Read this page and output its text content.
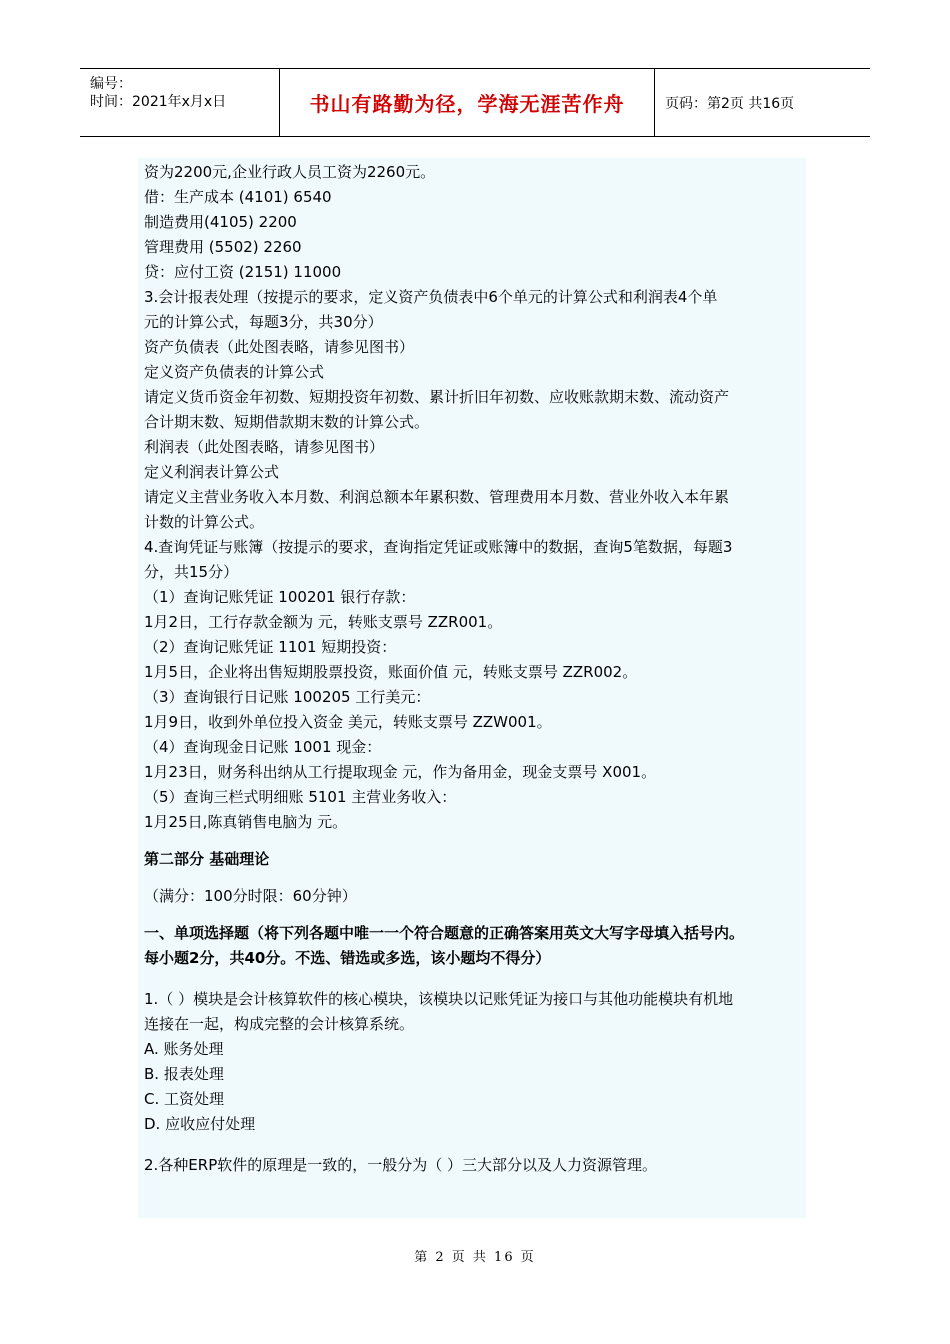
编号：
时间：2021年x月x日	书山有路勤为径，学海无涯苦作舟	页码：第2页 共16页
资为2200元,企业行政人员工资为2260元。
借：生产成本 (4101) 6540
制造费用(4105) 2200
管理费用 (5502) 2260
贷：应付工资 (2151) 11000
3.会计报表处理（按提示的要求，定义资产负债表中6个单元的计算公式和利润表4个单
元的计算公式，每题3分，共30分）
资产负债表（此处图表略，请参见图书）
定义资产负债表的计算公式
请定义货币资金年初数、短期投资年初数、累计折旧年初数、应收账款期末数、流动资产
合计期末数、短期借款期末数的计算公式。
利润表（此处图表略，请参见图书）
定义利润表计算公式
请定义主营业务收入本月数、利润总额本年累积数、管理费用本月数、营业外收入本年累
计数的计算公式。
4.查询凭证与账簿（按提示的要求，查询指定凭证或账簿中的数据，查询5笔数据，每题3
分，共15分）
（1）查询记账凭证 100201 银行存款：
1月2日，工行存款金额为 元，转账支票号 ZZR001。
（2）查询记账凭证 1101 短期投资：
1月5日，企业将出售短期股票投资，账面价值 元，转账支票号 ZZR002。
（3）查询银行日记账 100205 工行美元：
1月9日，收到外单位投入资金 美元，转账支票号 ZZW001。
（4）查询现金日记账 1001 现金：
1月23日，财务科出纳从工行提取现金 元，作为备用金，现金支票号 X001。
（5）查询三栏式明细账 5101 主营业务收入：
1月25日,陈真销售电脑为 元。
第二部分 基础理论
（满分：100分时限：60分钟）
一、单项选择题（将下列各题中唯一一个符合题意的正确答案用英文大写字母填入括号内。
每小题2分，共40分。不选、错选或多选，该小题均不得分）
1.（ ）模块是会计核算软件的核心模块，该模块以记账凭证为接口与其他功能模块有机地
连接在一起，构成完整的会计核算系统。
A. 账务处理
B. 报表处理
C. 工资处理
D. 应收应付处理
2.各种ERP软件的原理是一致的，一般分为（ ）三大部分以及人力资源管理。
第 2 页 共 16 页
